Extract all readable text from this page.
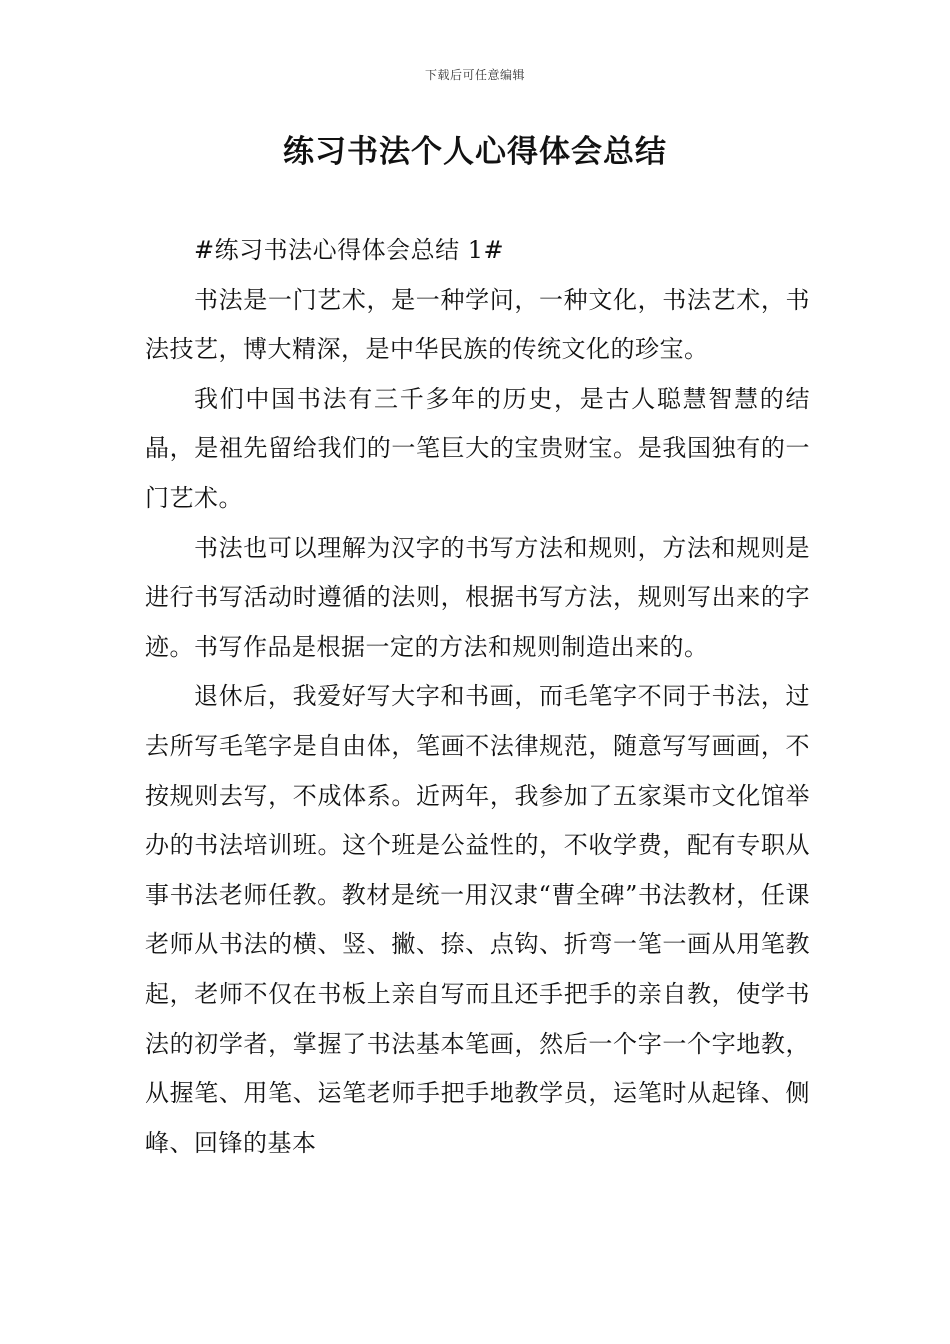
下载后可任意编辑
练习书法个人心得体会总结

#练习书法心得体会总结 1#

书法是一门艺术，是一种学问，一种文化，书法艺术，书法技艺，博大精深，是中华民族的传统文化的珍宝。

我们中国书法有三千多年的历史，是古人聪慧智慧的结晶，是祖先留给我们的一笔巨大的宝贵财宝。是我国独有的一门艺术。

书法也可以理解为汉字的书写方法和规则，方法和规则是进行书写活动时遵循的法则，根据书写方法，规则写出来的字迹。书写作品是根据一定的方法和规则制造出来的。

退休后，我爱好写大字和书画，而毛笔字不同于书法，过去所写毛笔字是自由体，笔画不法律规范，随意写写画画，不按规则去写，不成体系。近两年，我参加了五家渠市文化馆举办的书法培训班。这个班是公益性的，不收学费，配有专职从事书法老师任教。教材是统一用汉隶“曹全碑”书法教材，任课老师从书法的横、竖、撇、捺、点钩、折弯一笔一画从用笔教起，老师不仅在书板上亲自写而且还手把手的亲自教，使学书法的初学者，掌握了书法基本笔画，然后一个字一个字地教，从握笔、用笔、运笔老师手把手地教学员，运笔时从起锋、侧峰、回锋的基本
